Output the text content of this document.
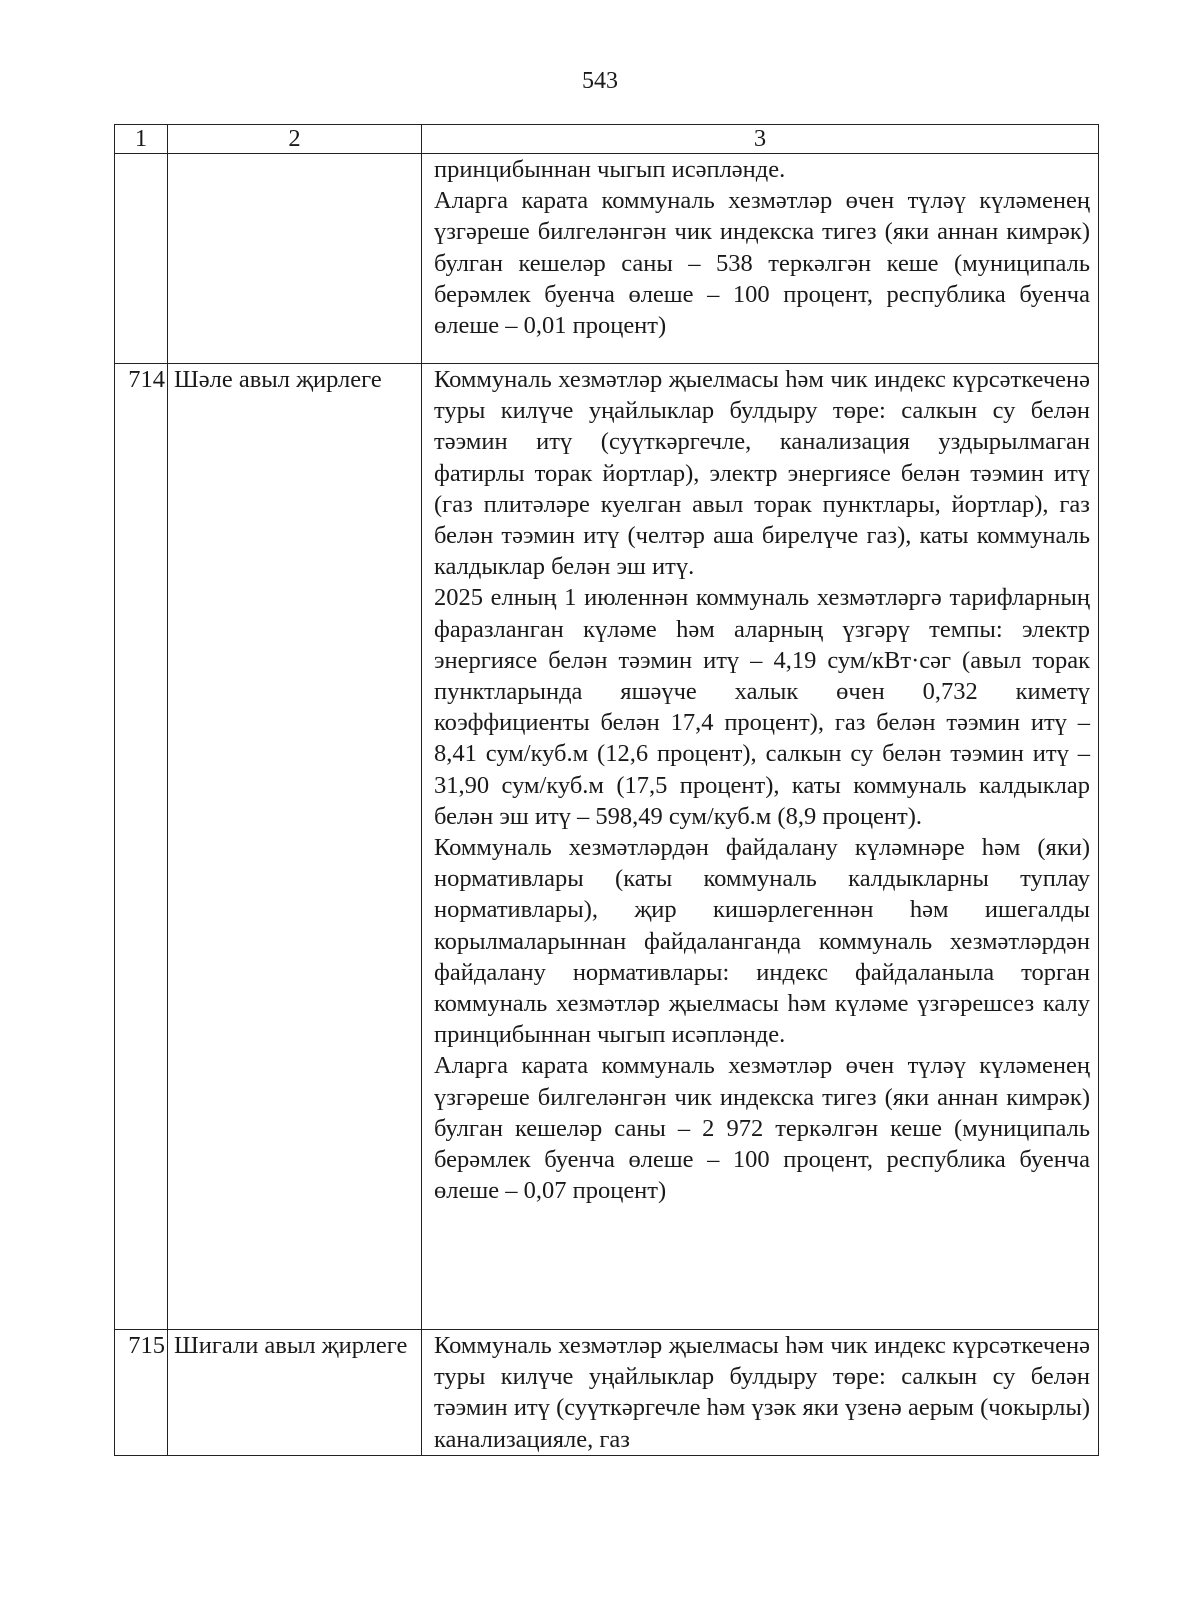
543
1	2	3

		принцибыннан чыгып исәпләнде.
Аларга карата коммуналь хезмәтләр өчен түләү күләменең үзгәреше билгеләнгән чик индекска тигез (яки аннан кимрәк) булган кешеләр саны – 538 теркәлгән кеше (муниципаль берәмлек буенча өлеше – 100 процент, республика буенча өлеше – 0,01 процент)

714	Шәле авыл җирлеге	Коммуналь хезмәтләр җыелмасы һәм чик индекс күрсәткеченә туры килүче уңайлыклар булдыру төре: салкын су белән тәэмин итү (суүткәргечле, канализация уздырылмаган фатирлы торак йортлар), электр энергиясе белән тәэмин итү (газ плитәләре куелган авыл торак пунктлары, йортлар), газ белән тәэмин итү (челтәр аша бирелүче газ), каты коммуналь калдыклар белән эш итү.
2025 елның 1 июленнән коммуналь хезмәтләргә тарифларның фаразланган күләме һәм аларның үзгәрү темпы: электр энергиясе белән тәэмин итү – 4,19 сум/кВт·сәг (авыл торак пунктларында яшәүче халык өчен 0,732 киметү коэффициенты белән 17,4 процент), газ белән тәэмин итү – 8,41 сум/куб.м (12,6 процент), салкын су белән тәэмин итү – 31,90 сум/куб.м (17,5 процент), каты коммуналь калдыклар белән эш итү – 598,49 сум/куб.м (8,9 процент).
Коммуналь хезмәтләрдән файдалану күләмнәре һәм (яки) нормативлары (каты коммуналь калдыкларны туплау нормативлары), җир кишәрлегеннән һәм ишегалды корылмаларыннан файдаланганда коммуналь хезмәтләрдән файдалану нормативлары: индекс файдаланыла торган коммуналь хезмәтләр җыелмасы һәм күләме үзгәрешсез калу принцибыннан чыгып исәпләнде.
Аларга карата коммуналь хезмәтләр өчен түләү күләменең үзгәреше билгеләнгән чик индекска тигез (яки аннан кимрәк) булган кешеләр саны – 2 972 теркәлгән кеше (муниципаль берәмлек буенча өлеше – 100 процент, республика буенча өлеше – 0,07 процент)

715	Шигали авыл җирлеге	Коммуналь хезмәтләр җыелмасы һәм чик индекс күрсәткеченә туры килүче уңайлыклар булдыру төре: салкын су белән тәэмин итү (суүткәргечле һәм үзәк яки үзенә аерым (чокырлы) канализацияле, газ
